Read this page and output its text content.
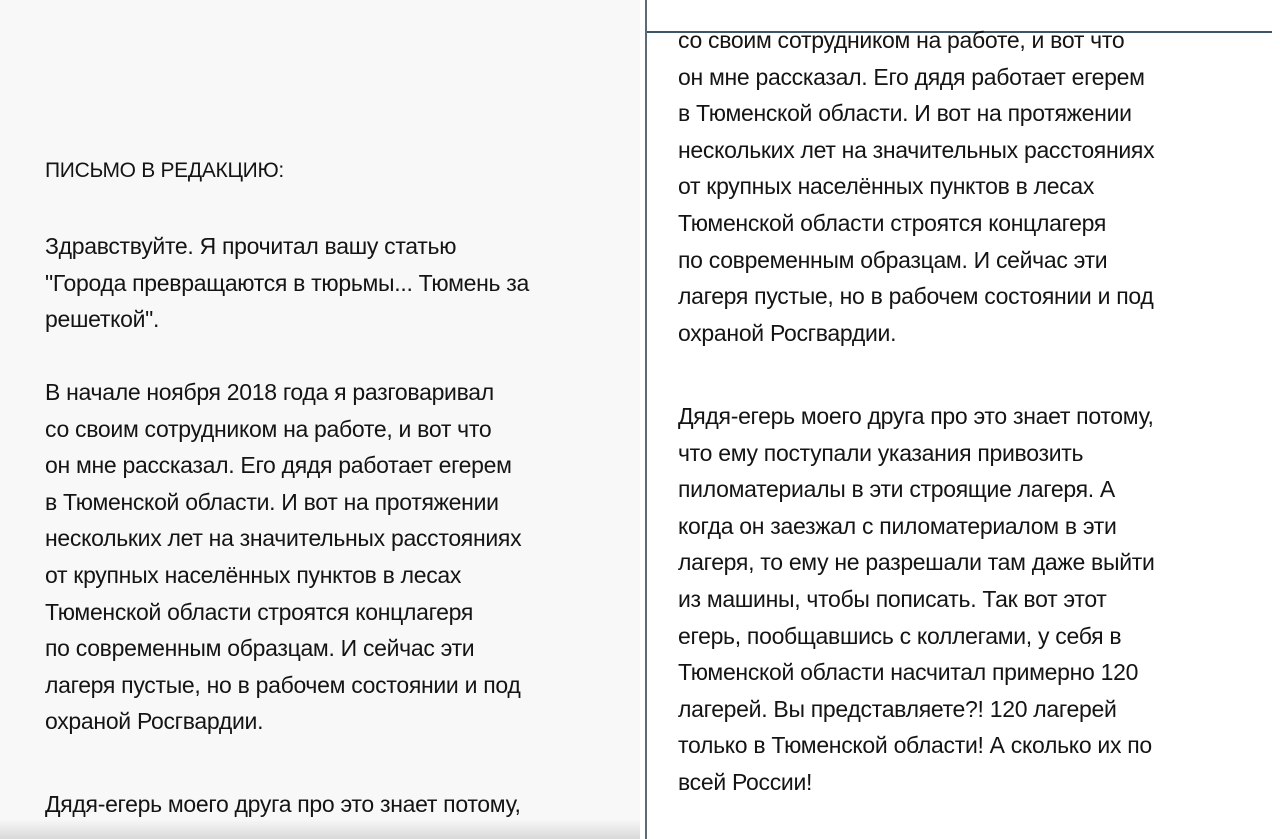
ПИСЬМО В РЕДАКЦИЮ:
Здравствуйте. Я прочитал вашу статью
"Города превращаются в тюрьмы... Тюмень за
решеткой".
В начале ноября 2018 года я разговаривал
со своим сотрудником на работе, и вот что
он мне рассказал. Его дядя работает егерем
в Тюменской области. И вот на протяжении
нескольких лет на значительных расстояниях
от крупных населённых пунктов в лесах
Тюменской области строятся концлагеря
по современным образцам. И сейчас эти
лагеря пустые, но в рабочем состоянии и под
охраной Росгвардии.
Дядя-егерь моего друга про это знает потому,
со своим сотрудником на работе, и вот что
он мне рассказал. Его дядя работает егерем
в Тюменской области. И вот на протяжении
нескольких лет на значительных расстояниях
от крупных населённых пунктов в лесах
Тюменской области строятся концлагеря
по современным образцам. И сейчас эти
лагеря пустые, но в рабочем состоянии и под
охраной Росгвардии.
Дядя-егерь моего друга про это знает потому,
что ему поступали указания привозить
пиломатериалы в эти строящие лагеря. А
когда он заезжал с пиломатериалом в эти
лагеря, то ему не разрешали там даже выйти
из машины, чтобы пописать. Так вот этот
егерь, пообщавшись с коллегами, у себя в
Тюменской области насчитал примерно 120
лагерей. Вы представляете?! 120 лагерей
только в Тюменской области! А сколько их по
всей России!
